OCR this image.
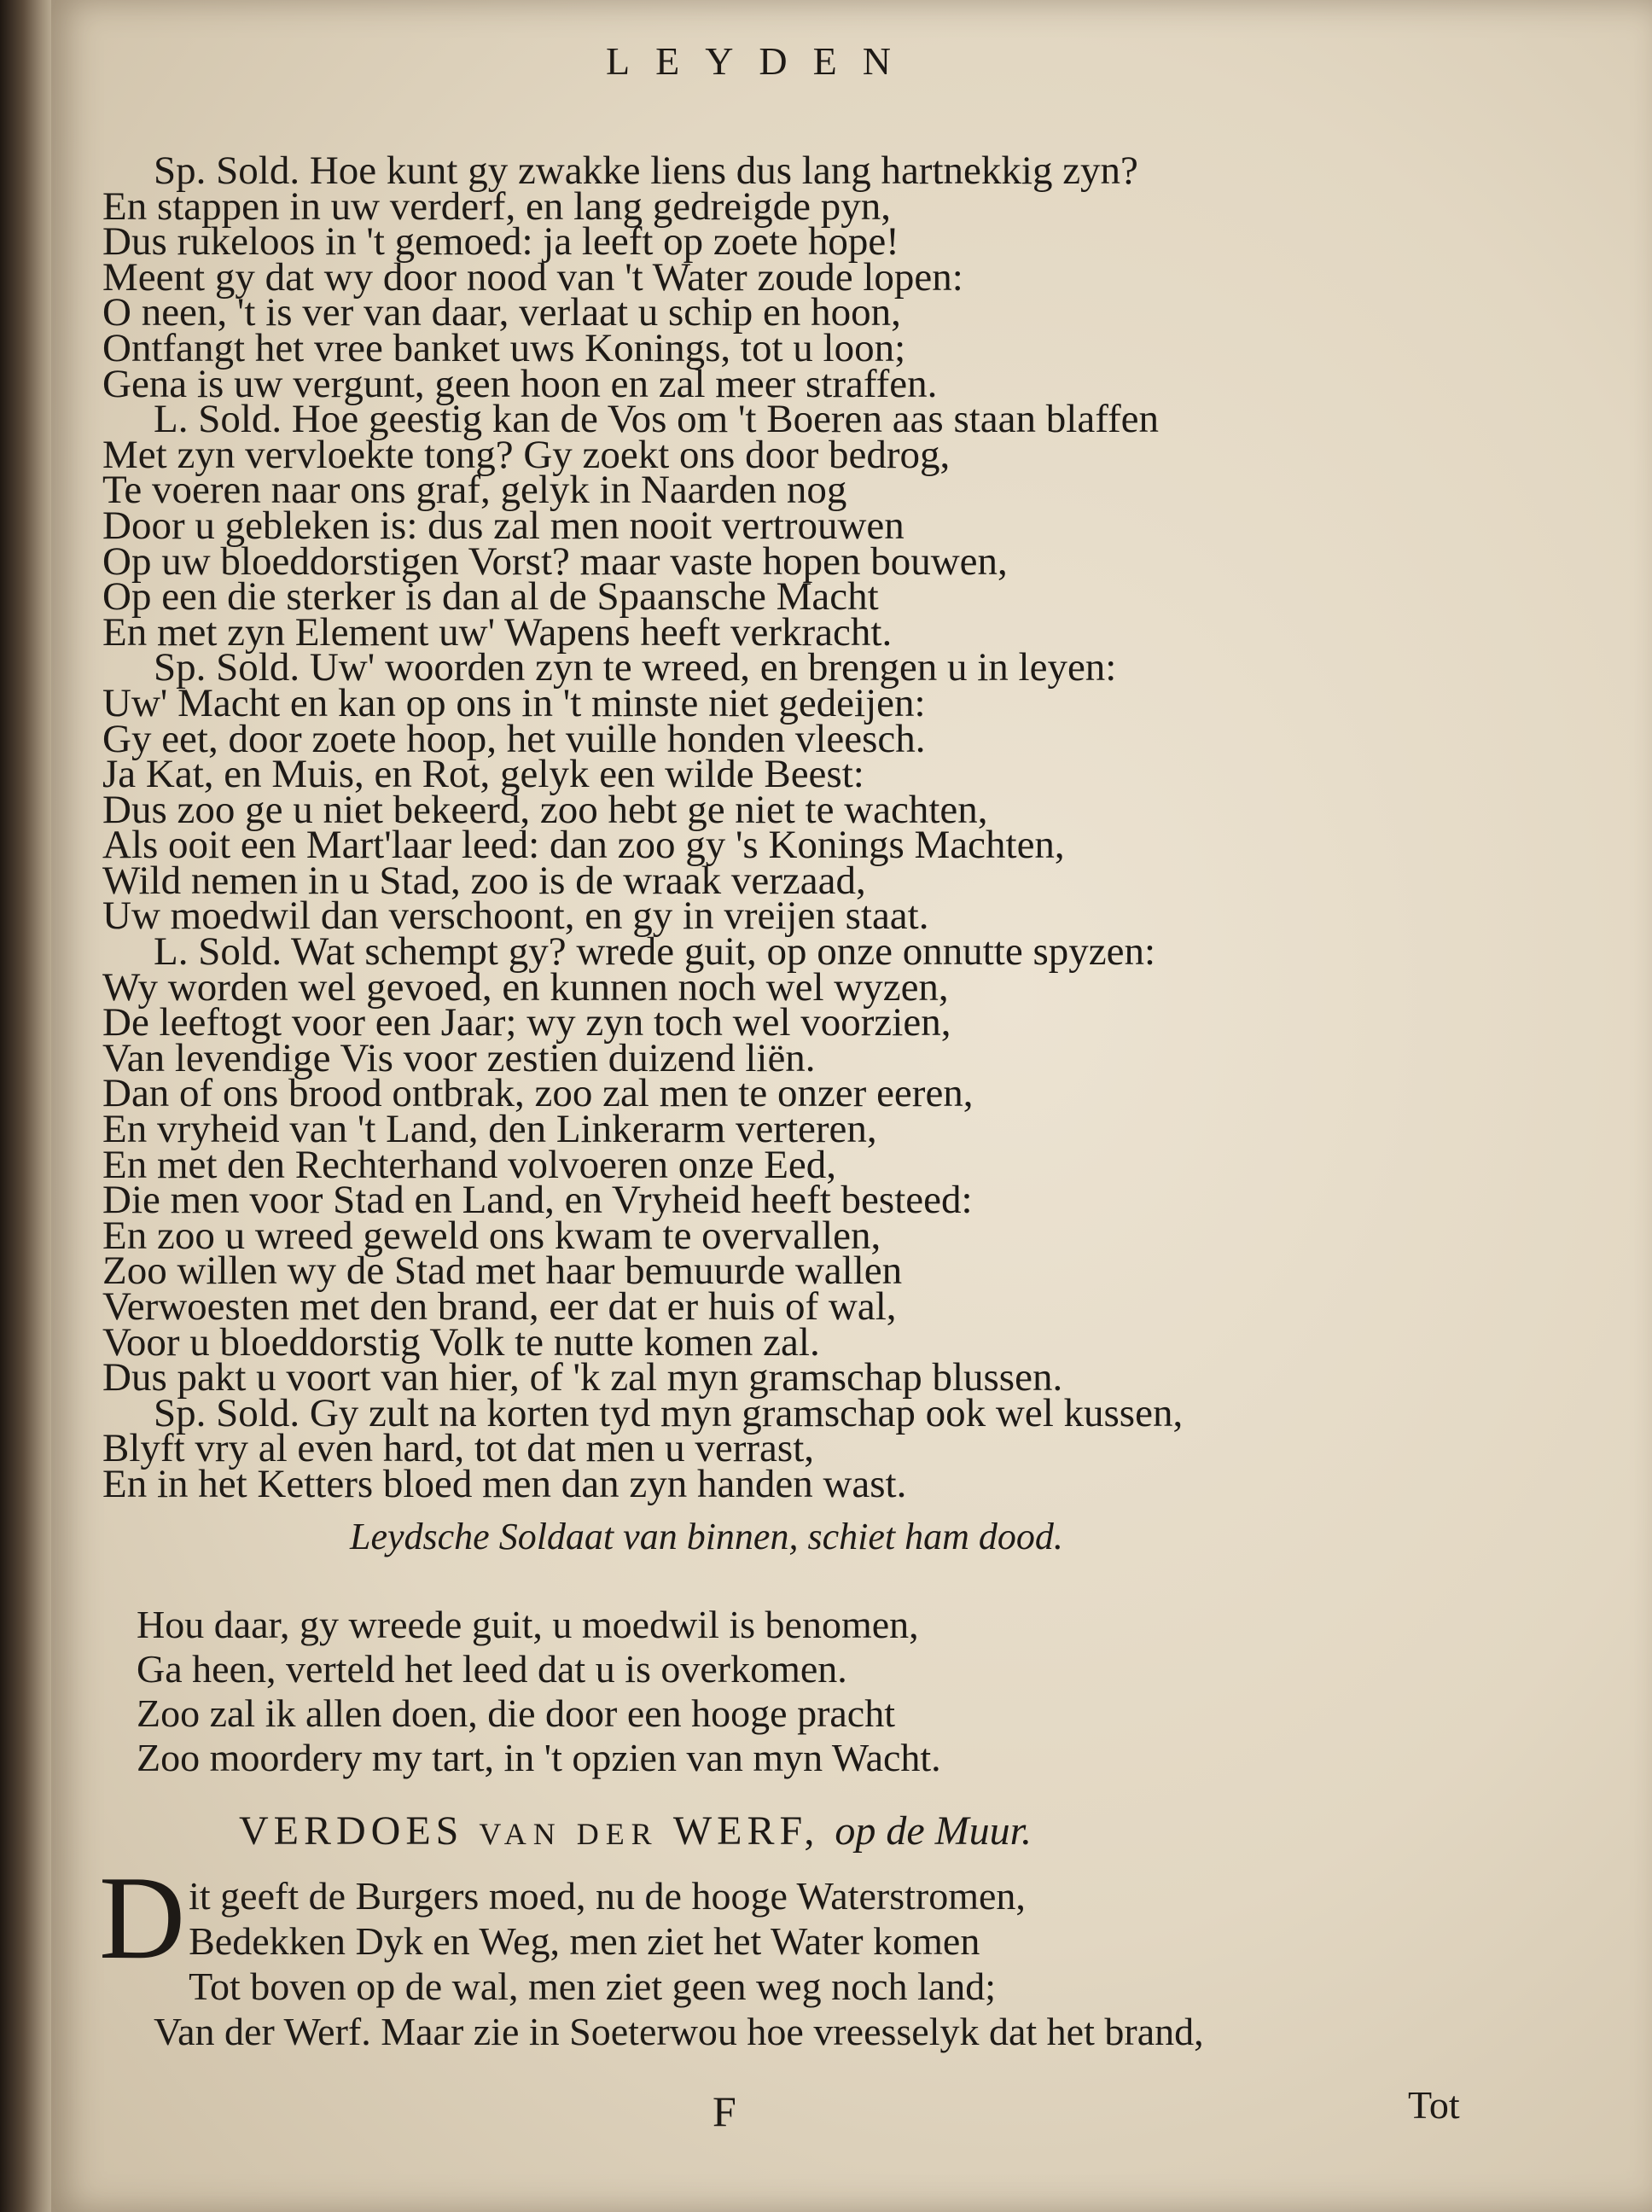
LEYDEN
Sp. Sold. Hoe kunt gy zwakke liens dus lang hartnekkig zyn?
En stappen in uw verderf, en lang gedreigde pyn,
Dus rukeloos in 't gemoed: ja leeft op zoete hope!
Meent gy dat wy door nood van 't Water zoude lopen:
O neen, 't is ver van daar, verlaat u schip en hoon,
Ontfangt het vree banket uws Konings, tot u loon;
Gena is uw vergunt, geen hoon en zal meer straffen.
L. Sold. Hoe geestig kan de Vos om 't Boeren aas staan blaffen
Met zyn vervloekte tong? Gy zoekt ons door bedrog,
Te voeren naar ons graf, gelyk in Naarden nog
Door u gebleken is: dus zal men nooit vertrouwen
Op uw bloeddorstigen Vorst? maar vaste hopen bouwen,
Op een die sterker is dan al de Spaansche Macht
En met zyn Element uw' Wapens heeft verkracht.
Sp. Sold. Uw' woorden zyn te wreed, en brengen u in leyen:
Uw' Macht en kan op ons in 't minste niet gedeijen:
Gy eet, door zoete hoop, het vuille honden vleesch.
Ja Kat, en Muis, en Rot, gelyk een wilde Beest:
Dus zoo ge u niet bekeerd, zoo hebt ge niet te wachten,
Als ooit een Mart'laar leed: dan zoo gy 's Konings Machten,
Wild nemen in u Stad, zoo is de wraak verzaad,
Uw moedwil dan verschoont, en gy in vreijen staat.
L. Sold. Wat schempt gy? wrede guit, op onze onnutte spyzen:
Wy worden wel gevoed, en kunnen noch wel wyzen,
De leeftogt voor een Jaar; wy zyn toch wel voorzien,
Van levendige Vis voor zestien duizend liën.
Dan of ons brood ontbrak, zoo zal men te onzer eeren,
En vryheid van 't Land, den Linkerarm verteren,
En met den Rechterhand volvoeren onze Eed,
Die men voor Stad en Land, en Vryheid heeft besteed:
En zoo u wreed geweld ons kwam te overvallen,
Zoo willen wy de Stad met haar bemuurde wallen
Verwoesten met den brand, eer dat er huis of wal,
Voor u bloeddorstig Volk te nutte komen zal.
Dus pakt u voort van hier, of 'k zal myn gramschap blussen.
Sp. Sold. Gy zult na korten tyd myn gramschap ook wel kussen,
Blyft vry al even hard, tot dat men u verrast,
En in het Ketters bloed men dan zyn handen wast.
Leydsche Soldaat van binnen, schiet ham dood.
Hou daar, gy wreede guit, u moedwil is benomen,
Ga heen, verteld het leed dat u is overkomen.
Zoo zal ik allen doen, die door een hooge pracht
Zoo moordery my tart, in 't opzien van myn Wacht.
VERDOES VAN DER WERF, op de Muur.
D it geeft de Burgers moed, nu de hooge Waterstromen,
Bedekken Dyk en Weg, men ziet het Water komen
Tot boven op de wal, men ziet geen weg noch land;
Van der Werf. Maar zie in Soeterwou hoe vreesselyk dat het brand,
F	Tot
